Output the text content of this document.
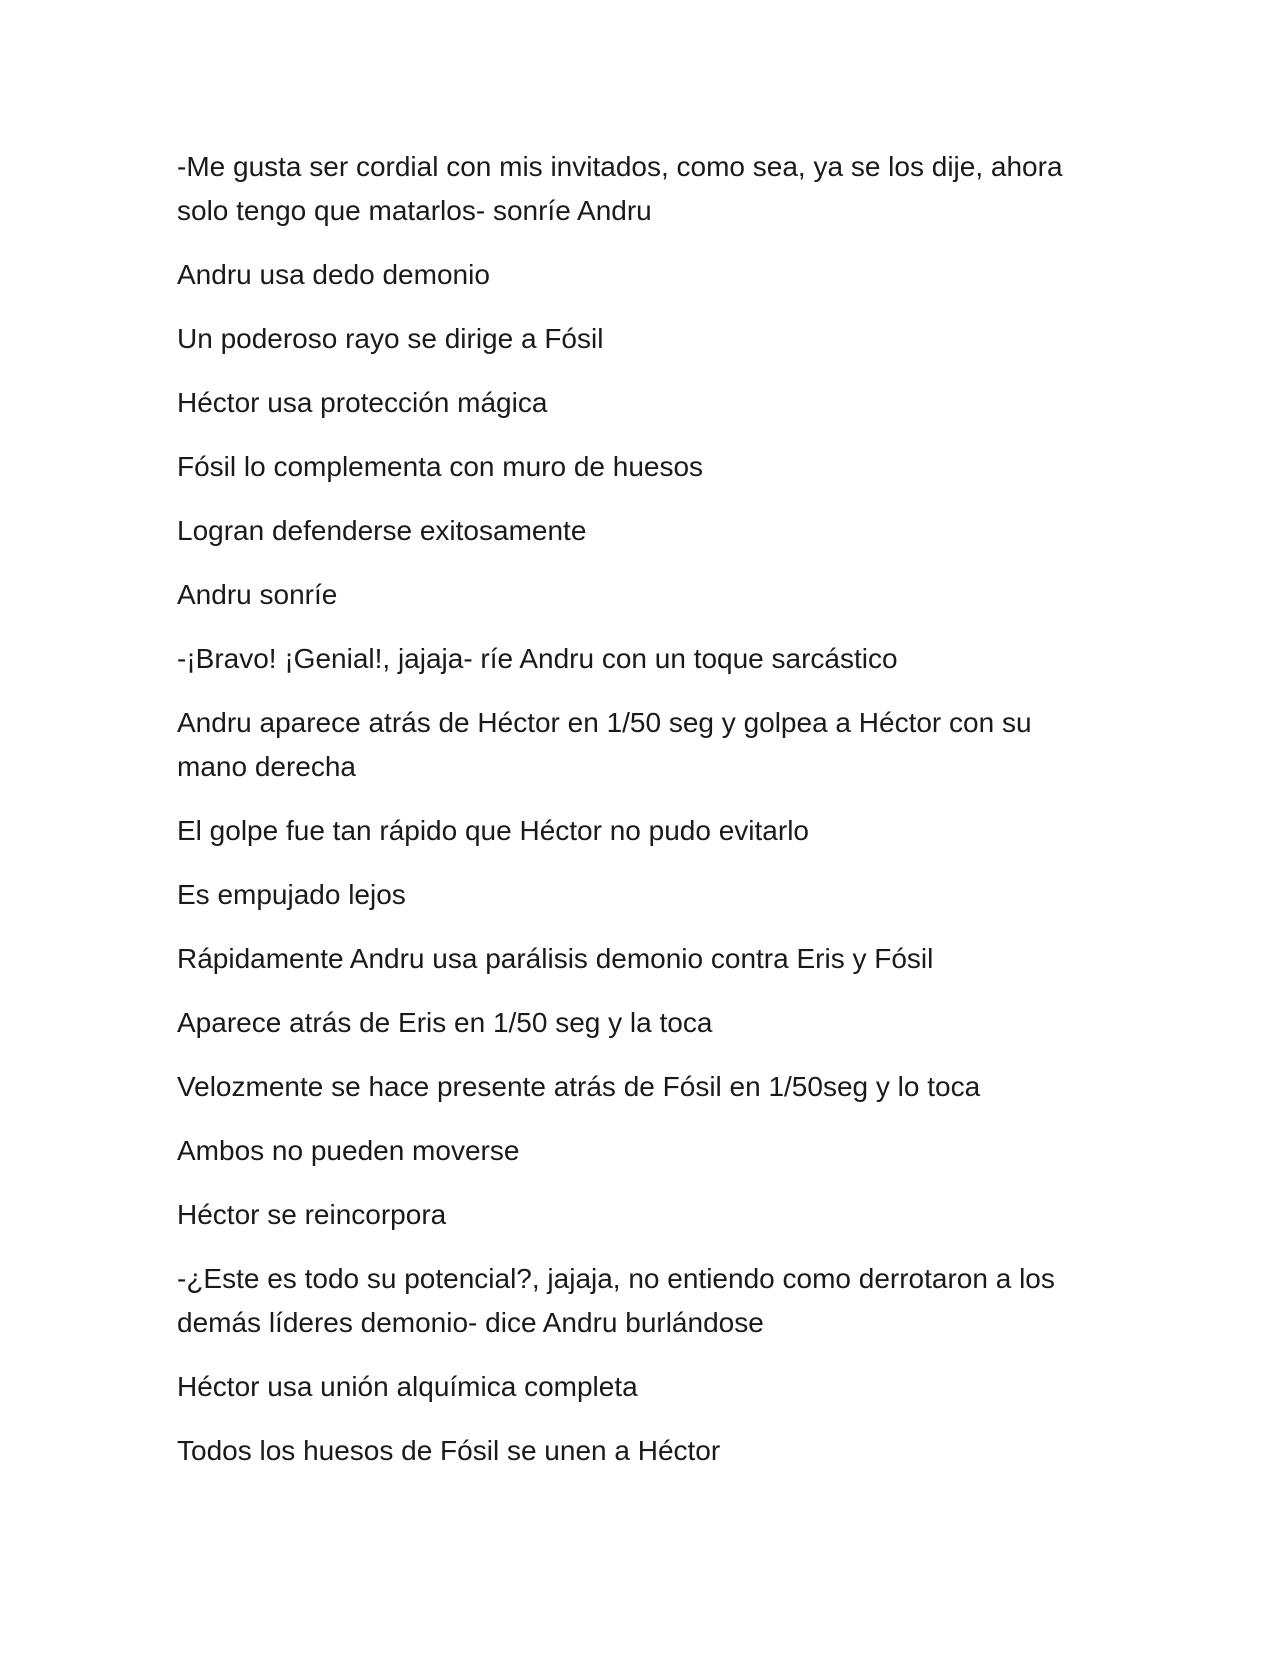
-Me gusta ser cordial con mis invitados, como sea, ya se los dije, ahora solo tengo que matarlos- sonríe Andru

Andru usa dedo demonio

Un poderoso rayo se dirige a Fósil

Héctor usa protección mágica

Fósil lo complementa con muro de huesos

Logran defenderse exitosamente

Andru sonríe

-¡Bravo! ¡Genial!, jajaja- ríe Andru con un toque sarcástico

Andru aparece atrás de Héctor en 1/50 seg y golpea a Héctor con su mano derecha

El golpe fue tan rápido que Héctor no pudo evitarlo

Es empujado lejos

Rápidamente Andru usa parálisis demonio contra Eris y Fósil

Aparece atrás de Eris en 1/50 seg y la toca

Velozmente se hace presente atrás de Fósil en 1/50seg y lo toca

Ambos no pueden moverse

Héctor se reincorpora

-¿Este es todo su potencial?, jajaja, no entiendo como derrotaron a los demás líderes demonio- dice Andru burlándose

Héctor usa unión alquímica completa

Todos los huesos de Fósil se unen a Héctor
